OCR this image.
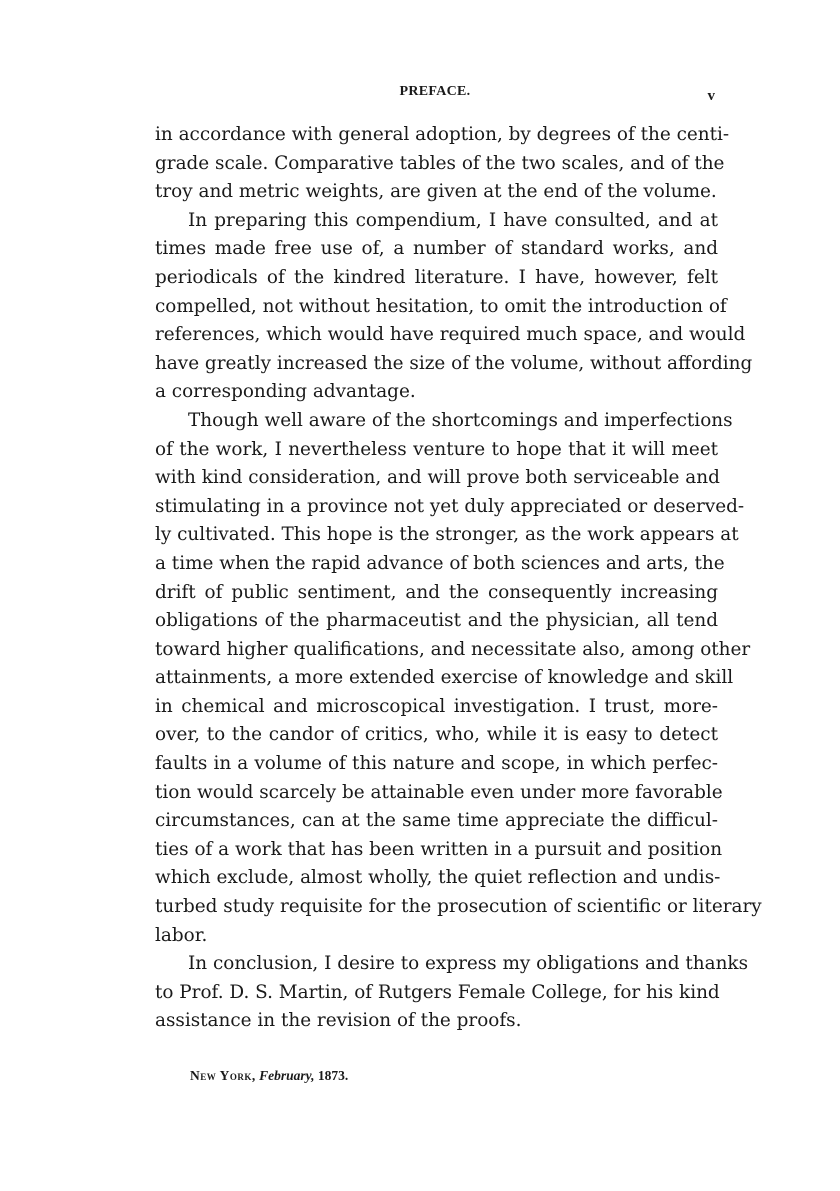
PREFACE.	v
in accordance with general adoption, by degrees of the centi-
grade scale. Comparative tables of the two scales, and of the
troy and metric weights, are given at the end of the volume.
In preparing this compendium, I have consulted, and at
times made free use of, a number of standard works, and
periodicals of the kindred literature. I have, however, felt
compelled, not without hesitation, to omit the introduction of
references, which would have required much space, and would
have greatly increased the size of the volume, without affording
a corresponding advantage.
Though well aware of the shortcomings and imperfections
of the work, I nevertheless venture to hope that it will meet
with kind consideration, and will prove both serviceable and
stimulating in a province not yet duly appreciated or deserved-
ly cultivated. This hope is the stronger, as the work appears at
a time when the rapid advance of both sciences and arts, the
drift of public sentiment, and the consequently increasing
obligations of the pharmaceutist and the physician, all tend
toward higher qualifications, and necessitate also, among other
attainments, a more extended exercise of knowledge and skill
in chemical and microscopical investigation. I trust, more-
over, to the candor of critics, who, while it is easy to detect
faults in a volume of this nature and scope, in which perfec-
tion would scarcely be attainable even under more favorable
circumstances, can at the same time appreciate the difficul-
ties of a work that has been written in a pursuit and position
which exclude, almost wholly, the quiet reflection and undis-
turbed study requisite for the prosecution of scientific or literary
labor.
In conclusion, I desire to express my obligations and thanks
to Prof. D. S. Martin, of Rutgers Female College, for his kind
assistance in the revision of the proofs.
New York, February, 1873.
